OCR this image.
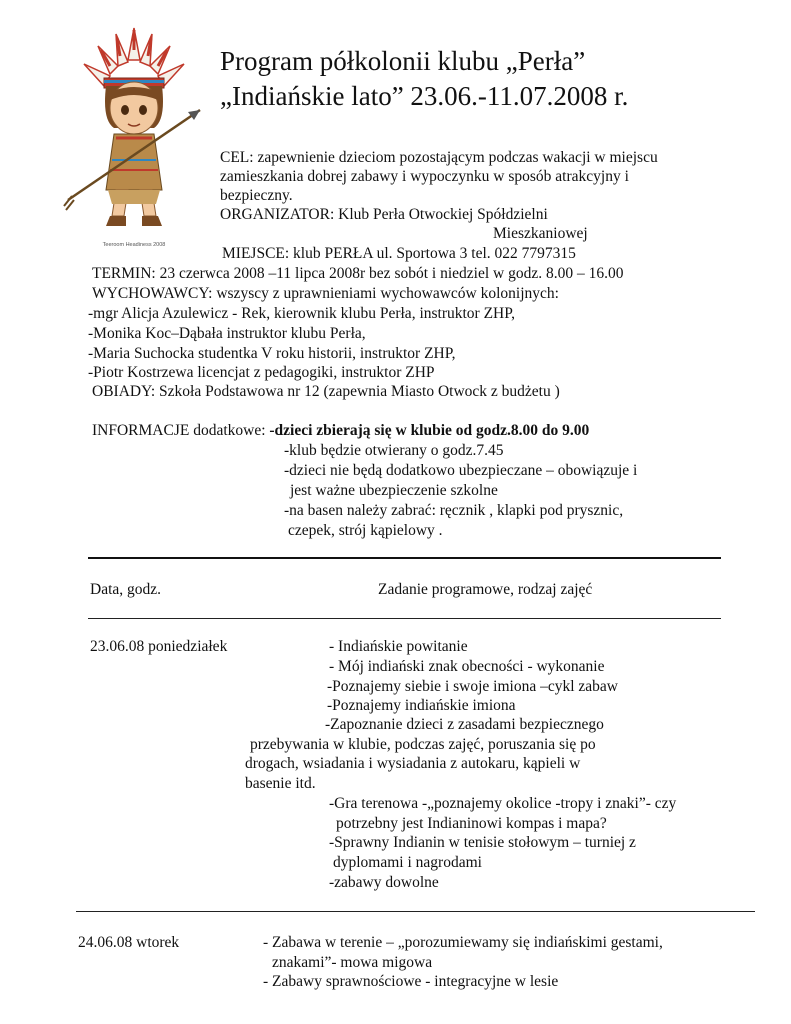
Teeroom Headiness 2008
Program półkolonii klubu „Perła”
„Indiańskie lato” 23.06.-11.07.2008 r.
CEL: zapewnienie dzieciom pozostającym podczas wakacji w miejscu
zamieszkania dobrej zabawy i wypoczynku w sposób atrakcyjny i
bezpieczny.
ORGANIZATOR: Klub Perła Otwockiej Spółdzielni
Mieszkaniowej
MIEJSCE: klub PERŁA ul. Sportowa 3 tel. 022 7797315
TERMIN: 23 czerwca 2008 –11 lipca 2008r bez sobót i niedziel w godz. 8.00 – 16.00
WYCHOWAWCY: wszyscy z uprawnieniami wychowawców kolonijnych:
-mgr Alicja Azulewicz - Rek, kierownik klubu Perła, instruktor ZHP,
-Monika Koc–Dąbała instruktor klubu Perła,
-Maria Suchocka studentka V roku historii, instruktor ZHP,
-Piotr Kostrzewa licencjat z pedagogiki, instruktor ZHP
OBIADY: Szkoła Podstawowa nr 12 (zapewnia Miasto Otwock z budżetu )
INFORMACJE dodatkowe: -dzieci zbierają się w klubie od godz.8.00 do 9.00
-klub będzie otwierany o godz.7.45
-dzieci nie będą dodatkowo ubezpieczane – obowiązuje i
jest ważne ubezpieczenie szkolne
-na basen należy zabrać: ręcznik , klapki pod prysznic,
czepek, strój kąpielowy .
Data, godz.	Zadanie programowe, rodzaj zajęć
23.06.08 poniedziałek	- Indiańskie powitanie
- Mój indiański znak obecności - wykonanie
-Poznajemy siebie i swoje imiona –cykl zabaw
-Poznajemy indiańskie imiona
-Zapoznanie dzieci z zasadami bezpiecznego
przebywania w klubie, podczas zajęć, poruszania się po
drogach, wsiadania i wysiadania z autokaru, kąpieli w
basenie itd.
-Gra terenowa -„poznajemy okolice -tropy i znaki”- czy
potrzebny jest Indianinowi kompas i mapa?
-Sprawny Indianin w tenisie stołowym – turniej z
dyplomami i nagrodami
-zabawy dowolne
24.06.08 wtorek	- Zabawa w terenie – „porozumiewamy się indiańskimi gestami,
znakami”- mowa migowa
- Zabawy sprawnościowe - integracyjne w lesie
